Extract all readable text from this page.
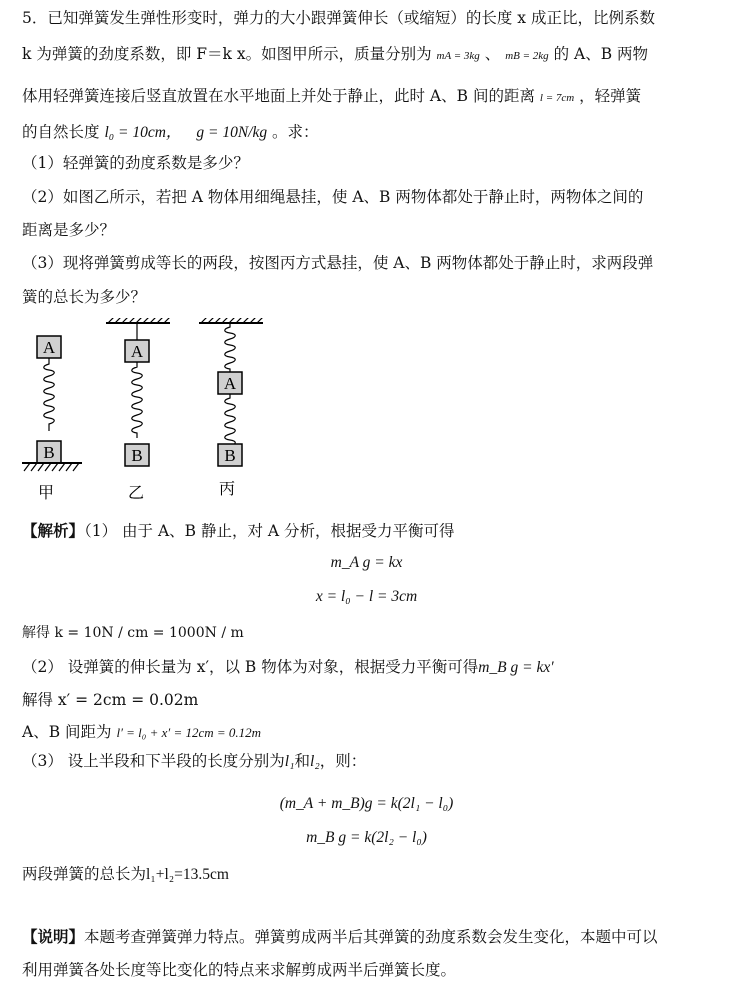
5．已知弹簧发生弹性形变时，弹力的大小跟弹簧伸长（或缩短）的长度 x 成正比，比例系数
k 为弹簧的劲度系数，即 F＝k x。如图甲所示，质量分别为 mA = 3kg 、 mB = 2kg 的 A、B 两物
体用轻弹簧连接后竖直放置在水平地面上并处于静止，此时 A、B 间的距离 l = 7cm ，轻弹簧
的自然长度 l₀ = 10cm， g = 10N/kg 。求：
（1）轻弹簧的劲度系数是多少？
（2）如图乙所示，若把 A 物体用细绳悬挂，使 A、B 两物体都处于静止时，两物体之间的
距离是多少？
（3）现将弹簧剪成等长的两段，按图丙方式悬挂，使 A、B 两物体都处于静止时，求两段弹
簧的总长为多少？
A
B
甲
A
B
乙
A
B
丙
【解析】（1） 由于 A、B 静止，对 A 分析，根据受力平衡可得
m_A g = kx
x = l₀ − l = 3cm
解得 k = 10N / cm = 1000N / m
（2） 设弹簧的伸长量为 x′，以 B 物体为对象，根据受力平衡可得m_B g = kx′
解得 x′ = 2cm = 0.02m
A、B 间距为 l′ = l₀ + x′ = 12cm = 0.12m
（3） 设上半段和下半段的长度分别为l₁和l₂，则：
(m_A + m_B)g = k(2l₁ − l₀)
m_B g = k(2l₂ − l₀)
两段弹簧的总长为l₁+l₂=13.5cm
【说明】本题考查弹簧弹力特点。弹簧剪成两半后其弹簧的劲度系数会发生变化，本题中可以
利用弹簧各处长度等比变化的特点来求解剪成两半后弹簧长度。
